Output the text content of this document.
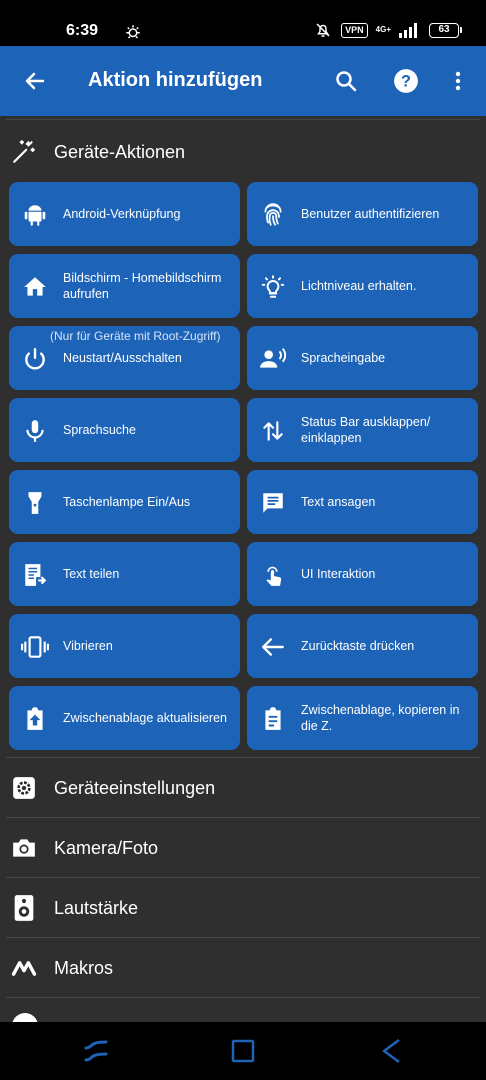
6:39	VPN	4G+	63
Aktion hinzufügen	?
Geräte-Aktionen
Android-Verknüpfung	Benutzer authentifizieren
Bildschirm - Homebildschirm aufrufen
Lichtniveau erhalten.
(Nur für Geräte mit Root-Zugriff)
Neustart/Ausschalten	Spracheingabe
Sprachsuche
Status Bar ausklappen/ einklappen
Taschenlampe Ein/Aus	Text ansagen
Text teilen	UI Interaktion
Vibrieren	Zurücktaste drücken
Zwischenablage aktualisieren
Zwischenablage, kopieren in die Z.
Geräteeinstellungen
Kamera/Foto
Lautstärke
Makros
